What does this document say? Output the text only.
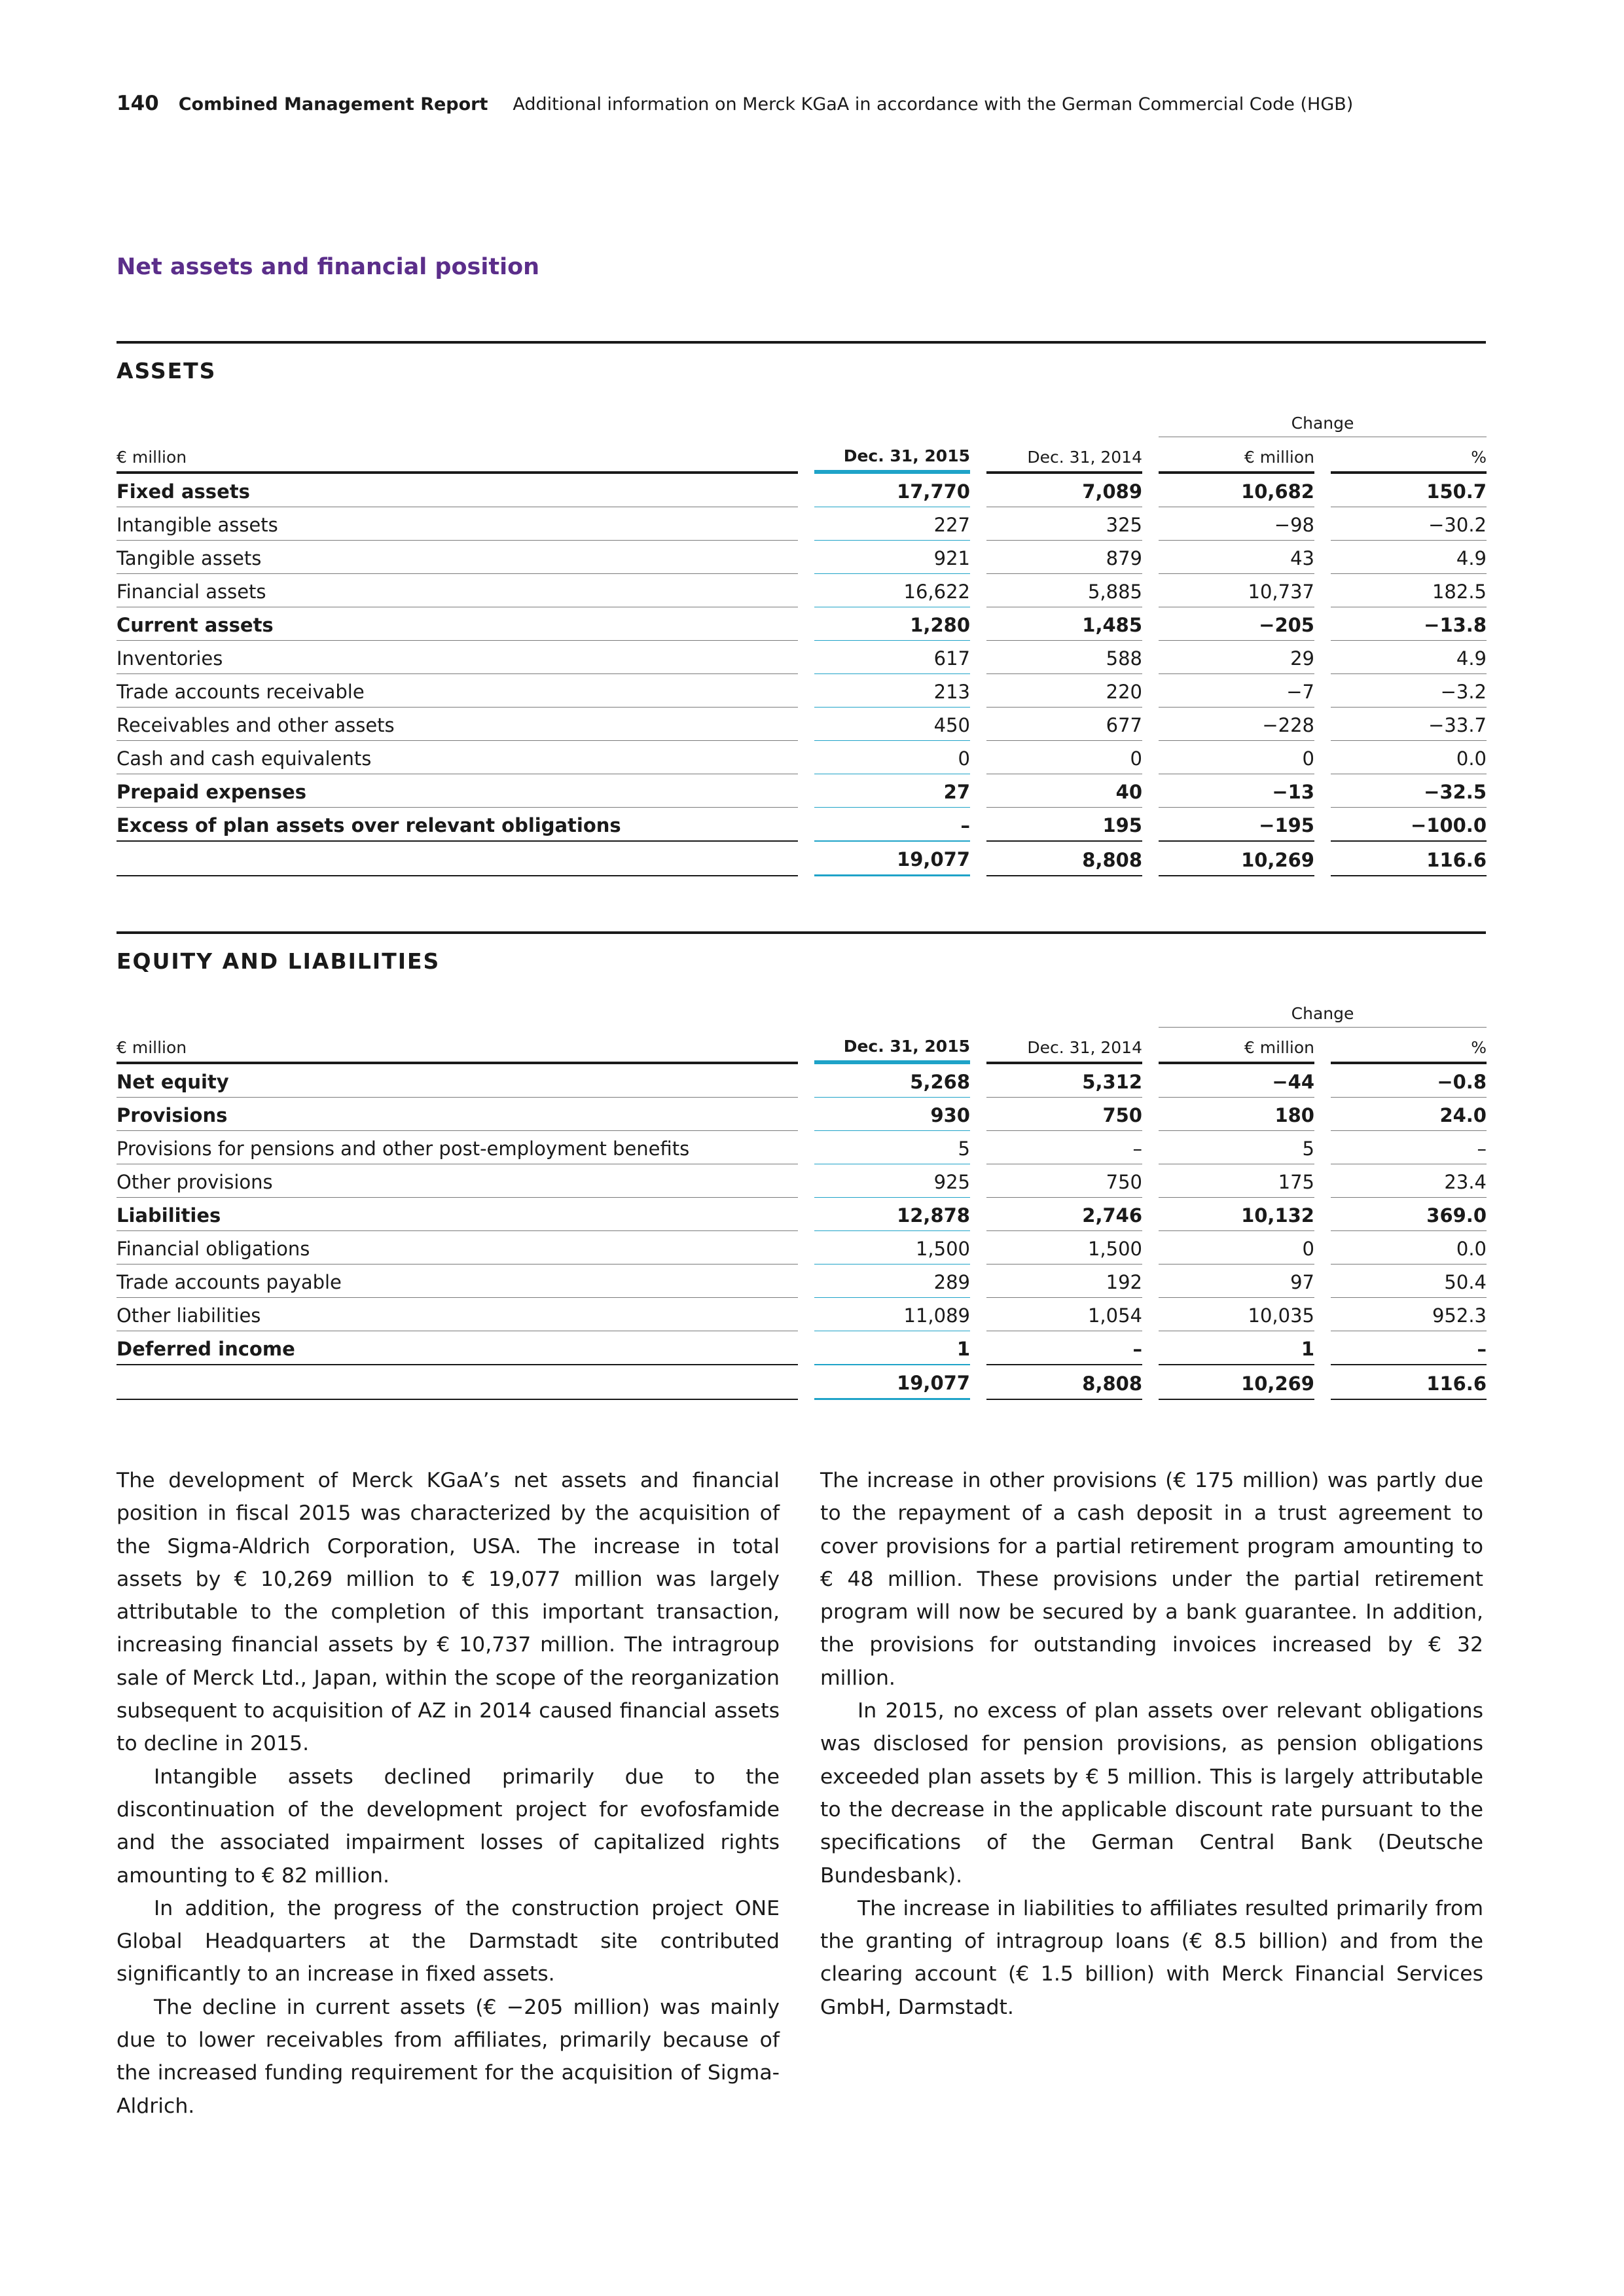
140 Combined Management Report Additional information on Merck KGaA in accordance with the German Commercial Code (HGB)
Net assets and financial position
ASSETS
						Change		
€ million		Dec. 31, 2015		Dec. 31, 2014		€ million		%
Fixed assets		17,770		7,089		10,682		150.7
Intangible assets		227		325		−98		−30.2
Tangible assets		921		879		43		4.9
Financial assets		16,622		5,885		10,737		182.5
Current assets		1,280		1,485		−205		−13.8
Inventories		617		588		29		4.9
Trade accounts receivable		213		220		−7		−3.2
Receivables and other assets		450		677		−228		−33.7
Cash and cash equivalents		0		0		0		0.0
Prepaid expenses		27		40		−13		−32.5
Excess of plan assets over relevant obligations		–		195		−195		−100.0
		19,077		8,808		10,269		116.6
EQUITY AND LIABILITIES
						Change		
€ million		Dec. 31, 2015		Dec. 31, 2014		€ million		%
Net equity		5,268		5,312		−44		−0.8
Provisions		930		750		180		24.0
Provisions for pensions and other post-employment benefits		5		–		5		–
Other provisions		925		750		175		23.4
Liabilities		12,878		2,746		10,132		369.0
Financial obligations		1,500		1,500		0		0.0
Trade accounts payable		289		192		97		50.4
Other liabilities		11,089		1,054		10,035		952.3
Deferred income		1		–		1		–
		19,077		8,808		10,269		116.6

The development of Merck KGaA’s net assets and financial position in fiscal 2015 was characterized by the acquisition of the Sigma-Aldrich Corporation, USA. The increase in total assets by € 10,269 million to € 19,077 million was largely attributable to the completion of this important transaction, increasing financial assets by € 10,737 million. The intragroup sale of Merck Ltd., Japan, within the scope of the reorganization subsequent to acquisition of AZ in 2014 caused financial assets to decline in 2015.

Intangible assets declined primarily due to the discontinuation of the development project for evofosfamide and the associated impairment losses of capitalized rights amounting to € 82 million.

In addition, the progress of the construction project ONE Global Headquarters at the Darmstadt site contributed significantly to an increase in fixed assets.

The decline in current assets (€ −205 million) was mainly due to lower receivables from affiliates, primarily because of the increased funding requirement for the acquisition of Sigma-Aldrich.

The increase in other provisions (€ 175 million) was partly due to the repayment of a cash deposit in a trust agreement to cover provisions for a partial retirement program amounting to € 48 million. These provisions under the partial retirement program will now be secured by a bank guarantee. In addition, the provisions for outstanding invoices increased by € 32 million.

In 2015, no excess of plan assets over relevant obligations was disclosed for pension provisions, as pension obligations exceeded plan assets by € 5 million. This is largely attributable to the decrease in the applicable discount rate pursuant to the specifications of the German Central Bank (Deutsche Bundesbank).

The increase in liabilities to affiliates resulted primarily from the granting of intragroup loans (€ 8.5 billion) and from the clearing account (€ 1.5 billion) with Merck Financial Services GmbH, Darmstadt.
